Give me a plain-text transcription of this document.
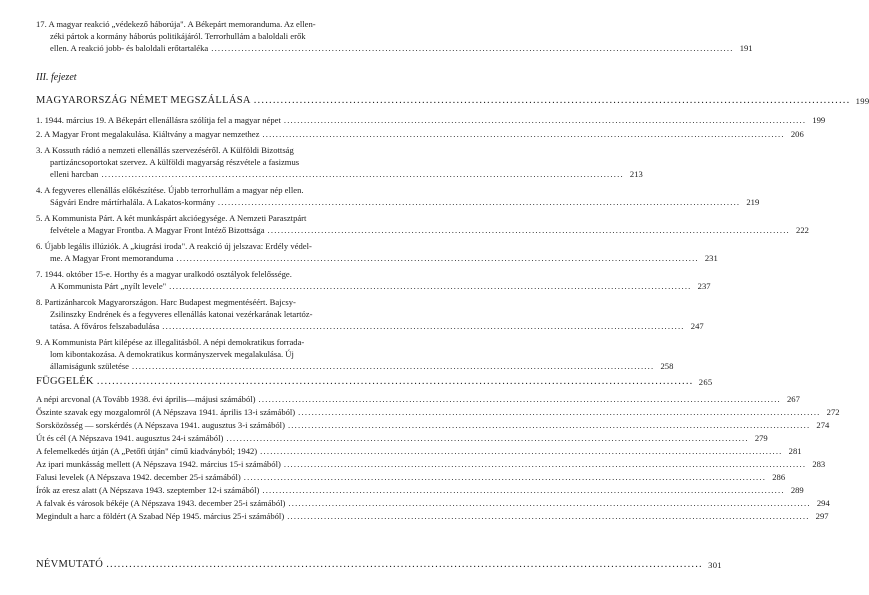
17. A magyar reakció „védekező háborúja". A Békepárt memoranduma. Az ellen-
zéki pártok a kormány háborús politikájáról. Terrorhullám a baloldali erők
ellen. A reakció jobb- és baloldali erőtartaléka .....	191
III. fejezet
MAGYARORSZÁG NÉMET MEGSZÁLLÁSA .....	199
1. 1944. március 19. A Békepárt ellenállásra szólítja fel a magyar népet .....	199
2. A Magyar Front megalakulása. Kiáltvány a magyar nemzethez .....	206
3. A Kossuth rádió a nemzeti ellenállás szervezéséről. A Külföldi Bizottság
partizáncsoportokat szervez. A külföldi magyarság részvétele a fasizmus
elleni harcban .....	213
4. A fegyveres ellenállás előkészítése. Újabb terrorhullám a magyar nép ellen.
Ságvári Endre mártírhalála. A Lakatos-kormány .....	219
5. A Kommunista Párt. A két munkáspárt akcióegysége. A Nemzeti Parasztpárt
felvétele a Magyar Frontba. A Magyar Front Intéző Bizottsága .....	222
6. Újabb legális illúziók. A „kiugrási iroda". A reakció új jelszava: Erdély védel-
me. A Magyar Front memoranduma .....	231
7. 1944. október 15-e. Horthy és a magyar uralkodó osztályok felelőssége.
A Kommunista Párt „nyílt levele" .....	237
8. Partizánharcok Magyarországon. Harc Budapest megmentéséért. Bajcsy-
Zsilinszky Endrének és a fegyveres ellenállás katonai vezérkarának letartóz-
tatása. A főváros felszabadulása .....	247
9. A Kommunista Párt kilépése az illegalitásból. A népi demokratikus forrada-
lom kibontakozása. A demokratikus kormányszervek megalakulása. Új
államiságunk születése .....	258
FÜGGELÉK .....	265
A népi arcvonal (A Tovább 1938. évi április—májusi számából) .....	267
Őszinte szavak egy mozgalomról (A Népszava 1941. április 13-i számából) .....	272
Sorsközösség — sorskérdés (A Népszava 1941. augusztus 3-i számából) .....	274
Út és cél (A Népszava 1941. augusztus 24-i számából) .....	279
A felemelkedés útján (A „Petőfi útján" című kiadványból; 1942) .....	281
Az ipari munkásság mellett (A Népszava 1942. március 15-i számából) .....	283
Falusi levelek (A Népszava 1942. december 25-i számából) .....	286
Írók az eresz alatt (A Népszava 1943. szeptember 12-i számából) .....	289
A falvak és városok békéje (A Népszava 1943. december 25-i számából) .....	294
Megindult a harc a földért (A Szabad Nép 1945. március 25-i számából) .....	297
NÉVMUTATÓ .....	301
